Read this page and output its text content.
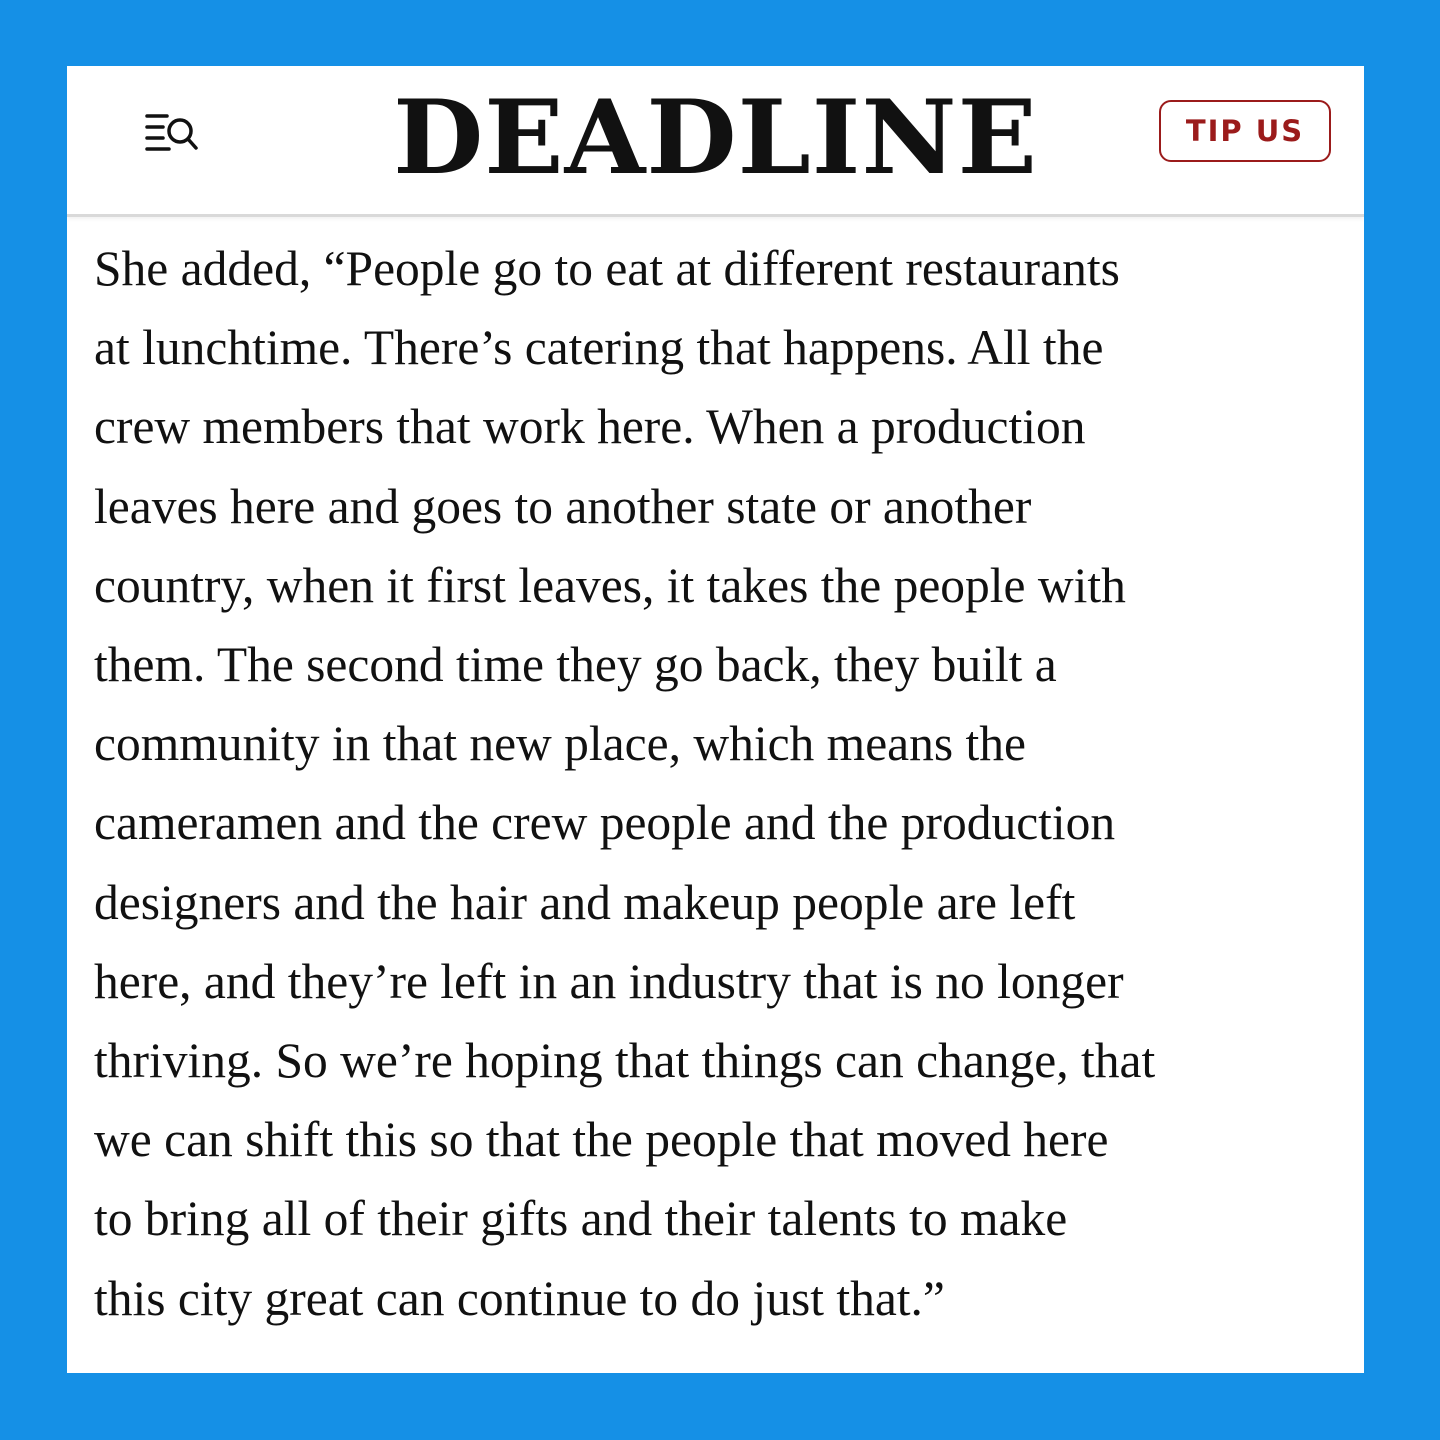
DEADLINE	TIP US
She added, “People go to eat at different restaurants
at lunchtime. There’s catering that happens. All the
crew members that work here. When a production
leaves here and goes to another state or another
country, when it first leaves, it takes the people with
them. The second time they go back, they built a
community in that new place, which means the
cameramen and the crew people and the production
designers and the hair and makeup people are left
here, and they’re left in an industry that is no longer
thriving. So we’re hoping that things can change, that
we can shift this so that the people that moved here
to bring all of their gifts and their talents to make
this city great can continue to do just that.”
